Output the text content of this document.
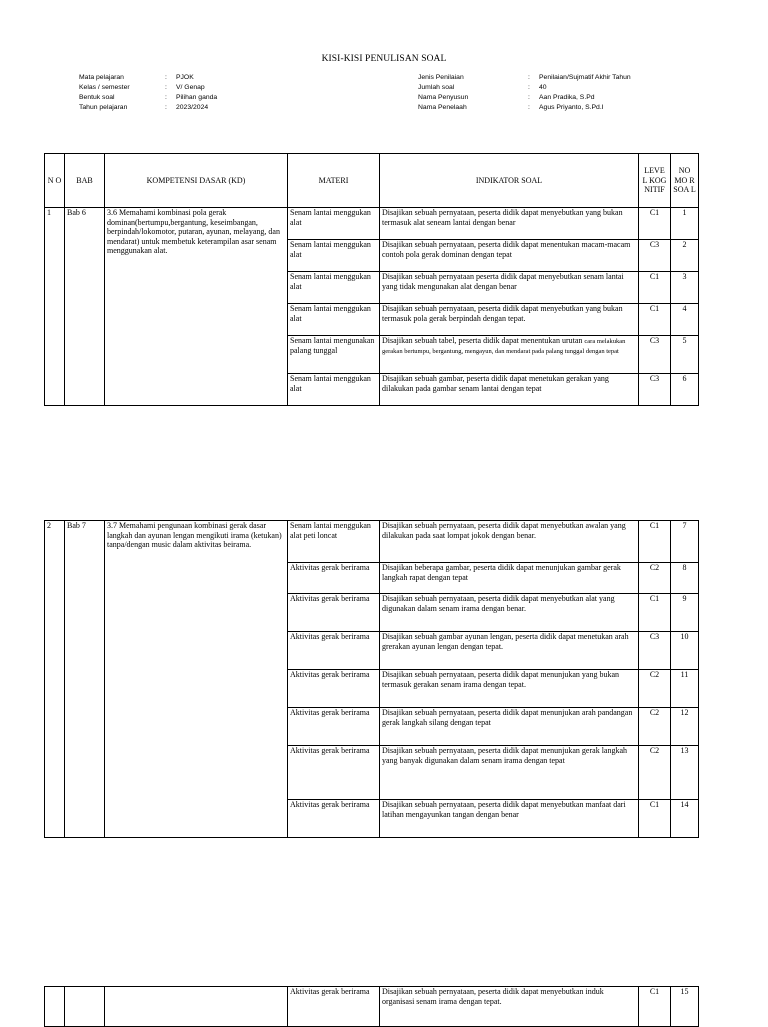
KISI-KISI PENULISAN SOAL
Mata pelajaran	:	PJOK
Kelas / semester	:	V/ Genap
Bentuk soal	:	Pilihan ganda
Tahun pelajaran	:	2023/2024
Jenis Penilaian	:	Penilaian/Sujmatif Akhir Tahun
Jumlah soal	:	40
Nama Penyusun	:	Aan Pradika, S.Pd
Nama Penelaah	:	Agus Priyanto, S.Pd.I
N O	BAB	KOMPETENSI DASAR (KD)	MATERI	INDIKATOR SOAL	LEVE L KOG NITIF	NO MO R SOA L
1	Bab 6	3.6 Memahami kombinasi pola gerak dominan(bertumpu,bergantung, keseimbangan, berpindah/lokomotor, putaran, ayunan, melayang, dan mendarat) untuk membetuk keterampilan asar senam menggunakan alat.	Senam lantai menggukan alat	Disajikan sebuah pernyataan, peserta didik dapat menyebutkan yang bukan termasuk alat seneam lantai dengan benar	C1	1
			Senam lantai menggukan alat	Disajikan sebuah pernyataan, peserta didik dapat menentukan macam-macam contoh pola gerak dominan dengan tepat	C3	2
			Senam lantai menggukan alat	Disajikan sebuah pernyataan peserta didik dapat menyebutkan senam lantai yang tidak mengunakan alat dengan benar	C1	3
			Senam lantai menggukan alat	Disajikan sebuah pernyataan, peserta didik dapat menyebutkan yang bukan termasuk pola gerak berpindah dengan tepat.	C1	4
			Senam lantai mengunakan palang tunggal	Disajikan sebuah tabel, peserta didik dapat menentukan urutan cara melakukan gerakan bertumpu, bergantung, mengayun, dan mendarat pada palang tunggal dengan tepat	C3	5
			Senam lantai menggukan alat	Disajikan sebuah gambar, peserta didik dapat menetukan gerakan yang dilakukan pada gambar senam lantai dengan tepat	C3	6
2	Bab 7	3.7 Memahami pengunaan kombinasi gerak dasar langkah dan ayunan lengan mengikuti irama (ketukan) tanpa/dengan music dalam aktivitas beirama.	Senam lantai menggukan alat peti loncat	Disajikan sebuah pernyataan, peserta didik dapat menyebutkan awalan yang dilakukan pada saat lompat jokok dengan benar.	C1	7
			Aktivitas gerak berirama	Disajikan beberapa gambar, peserta didik dapat menunjukan gambar gerak langkah rapat dengan tepat	C2	8
			Aktivitas gerak berirama	Disajikan sebuah pernyataan, peserta didik dapat menyebutkan alat yang digunakan dalam senam irama dengan benar.	C1	9
			Aktivitas gerak berirama	Disajikan sebuah gambar ayunan lengan, peserta didik dapat menetukan arah grerakan ayunan lengan dengan tepat.	C3	10
			Aktivitas gerak berirama	Disajikan sebuah pernyataan, peserta didik dapat menunjukan yang bukan termasuk gerakan senam irama dengan tepat.	C2	11
			Aktivitas gerak berirama	Disajikan sebuah pernyataan, peserta didik dapat menunjukan arah pandangan gerak langkah silang dengan tepat	C2	12
			Aktivitas gerak berirama	Disajikan sebuah pernyataan, peserta didik dapat menunjukan gerak langkah yang banyak digunakan dalam senam irama dengan tepat	C2	13
			Aktivitas gerak berirama	Disajikan sebuah pernyataan, peserta didik dapat menyebutkan manfaat dari latihan mengayunkan tangan dengan benar	C1	14
			Aktivitas gerak berirama	Disajikan sebuah pernyataan, peserta didik dapat menyebutkan induk organisasi senam irama dengan tepat.	C1	15
